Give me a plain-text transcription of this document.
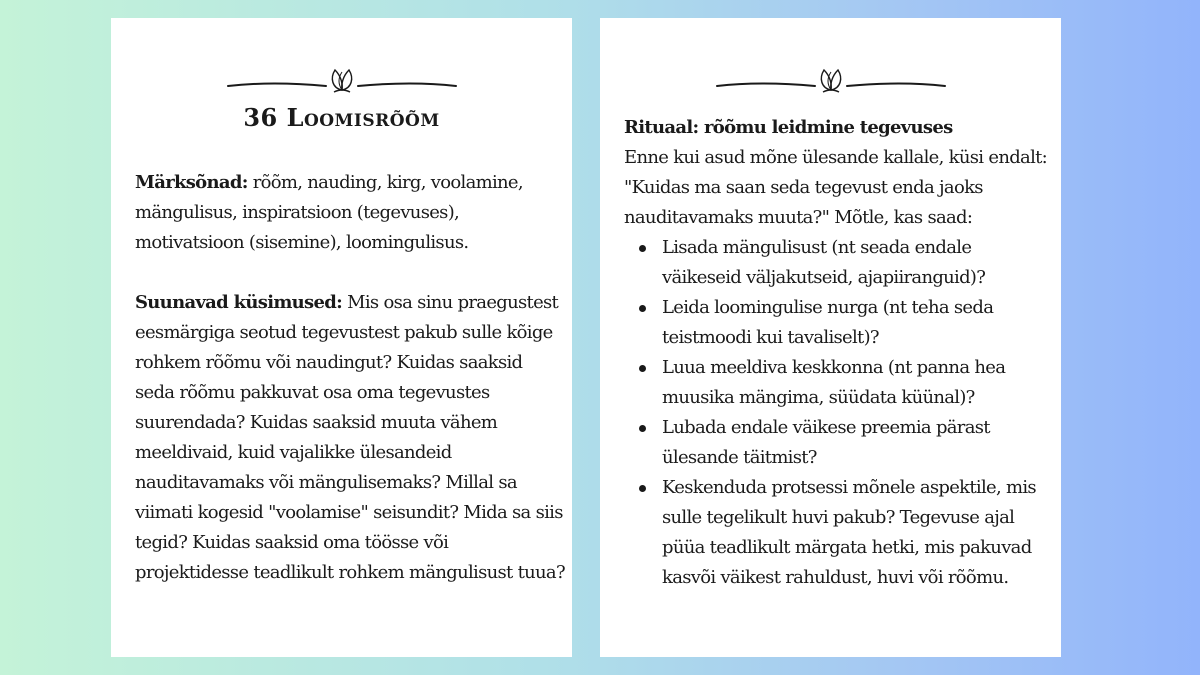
36 Loomisrõõm

Märksõnad: rõõm, nauding, kirg, voolamine, mängulisus, inspiratsioon (tegevuses), motivatsioon (sisemine), loomingulisus.

Suunavad küsimused: Mis osa sinu praegustest eesmärgiga seotud tegevustest pakub sulle kõige rohkem rõõmu või naudingut? Kuidas saaksid seda rõõmu pakkuvat osa oma tegevustes suurendada? Kuidas saaksid muuta vähem meeldivaid, kuid vajalikke ülesandeid nauditavamaks või mängulisemaks? Millal sa viimati kogesid "voolamise" seisundit? Mida sa siis tegid? Kuidas saaksid oma töösse või projektidesse teadlikult rohkem mängulisust tuua?

Rituaal: rõõmu leidmine tegevuses

Enne kui asud mõne ülesande kallale, küsi endalt: "Kuidas ma saan seda tegevust enda jaoks nauditavamaks muuta?" Mõtle, kas saad:

Lisada mängulisust (nt seada endale väikeseid väljakutseid, ajapiiranguid)?
Leida loomingulise nurga (nt teha seda teistmoodi kui tavaliselt)?
Luua meeldiva keskkonna (nt panna hea muusika mängima, süüdata küünal)?
Lubada endale väikese preemia pärast ülesande täitmist?
Keskenduda protsessi mõnele aspektile, mis sulle tegelikult huvi pakub? Tegevuse ajal püüa teadlikult märgata hetki, mis pakuvad kasvõi väikest rahuldust, huvi või rõõmu.
